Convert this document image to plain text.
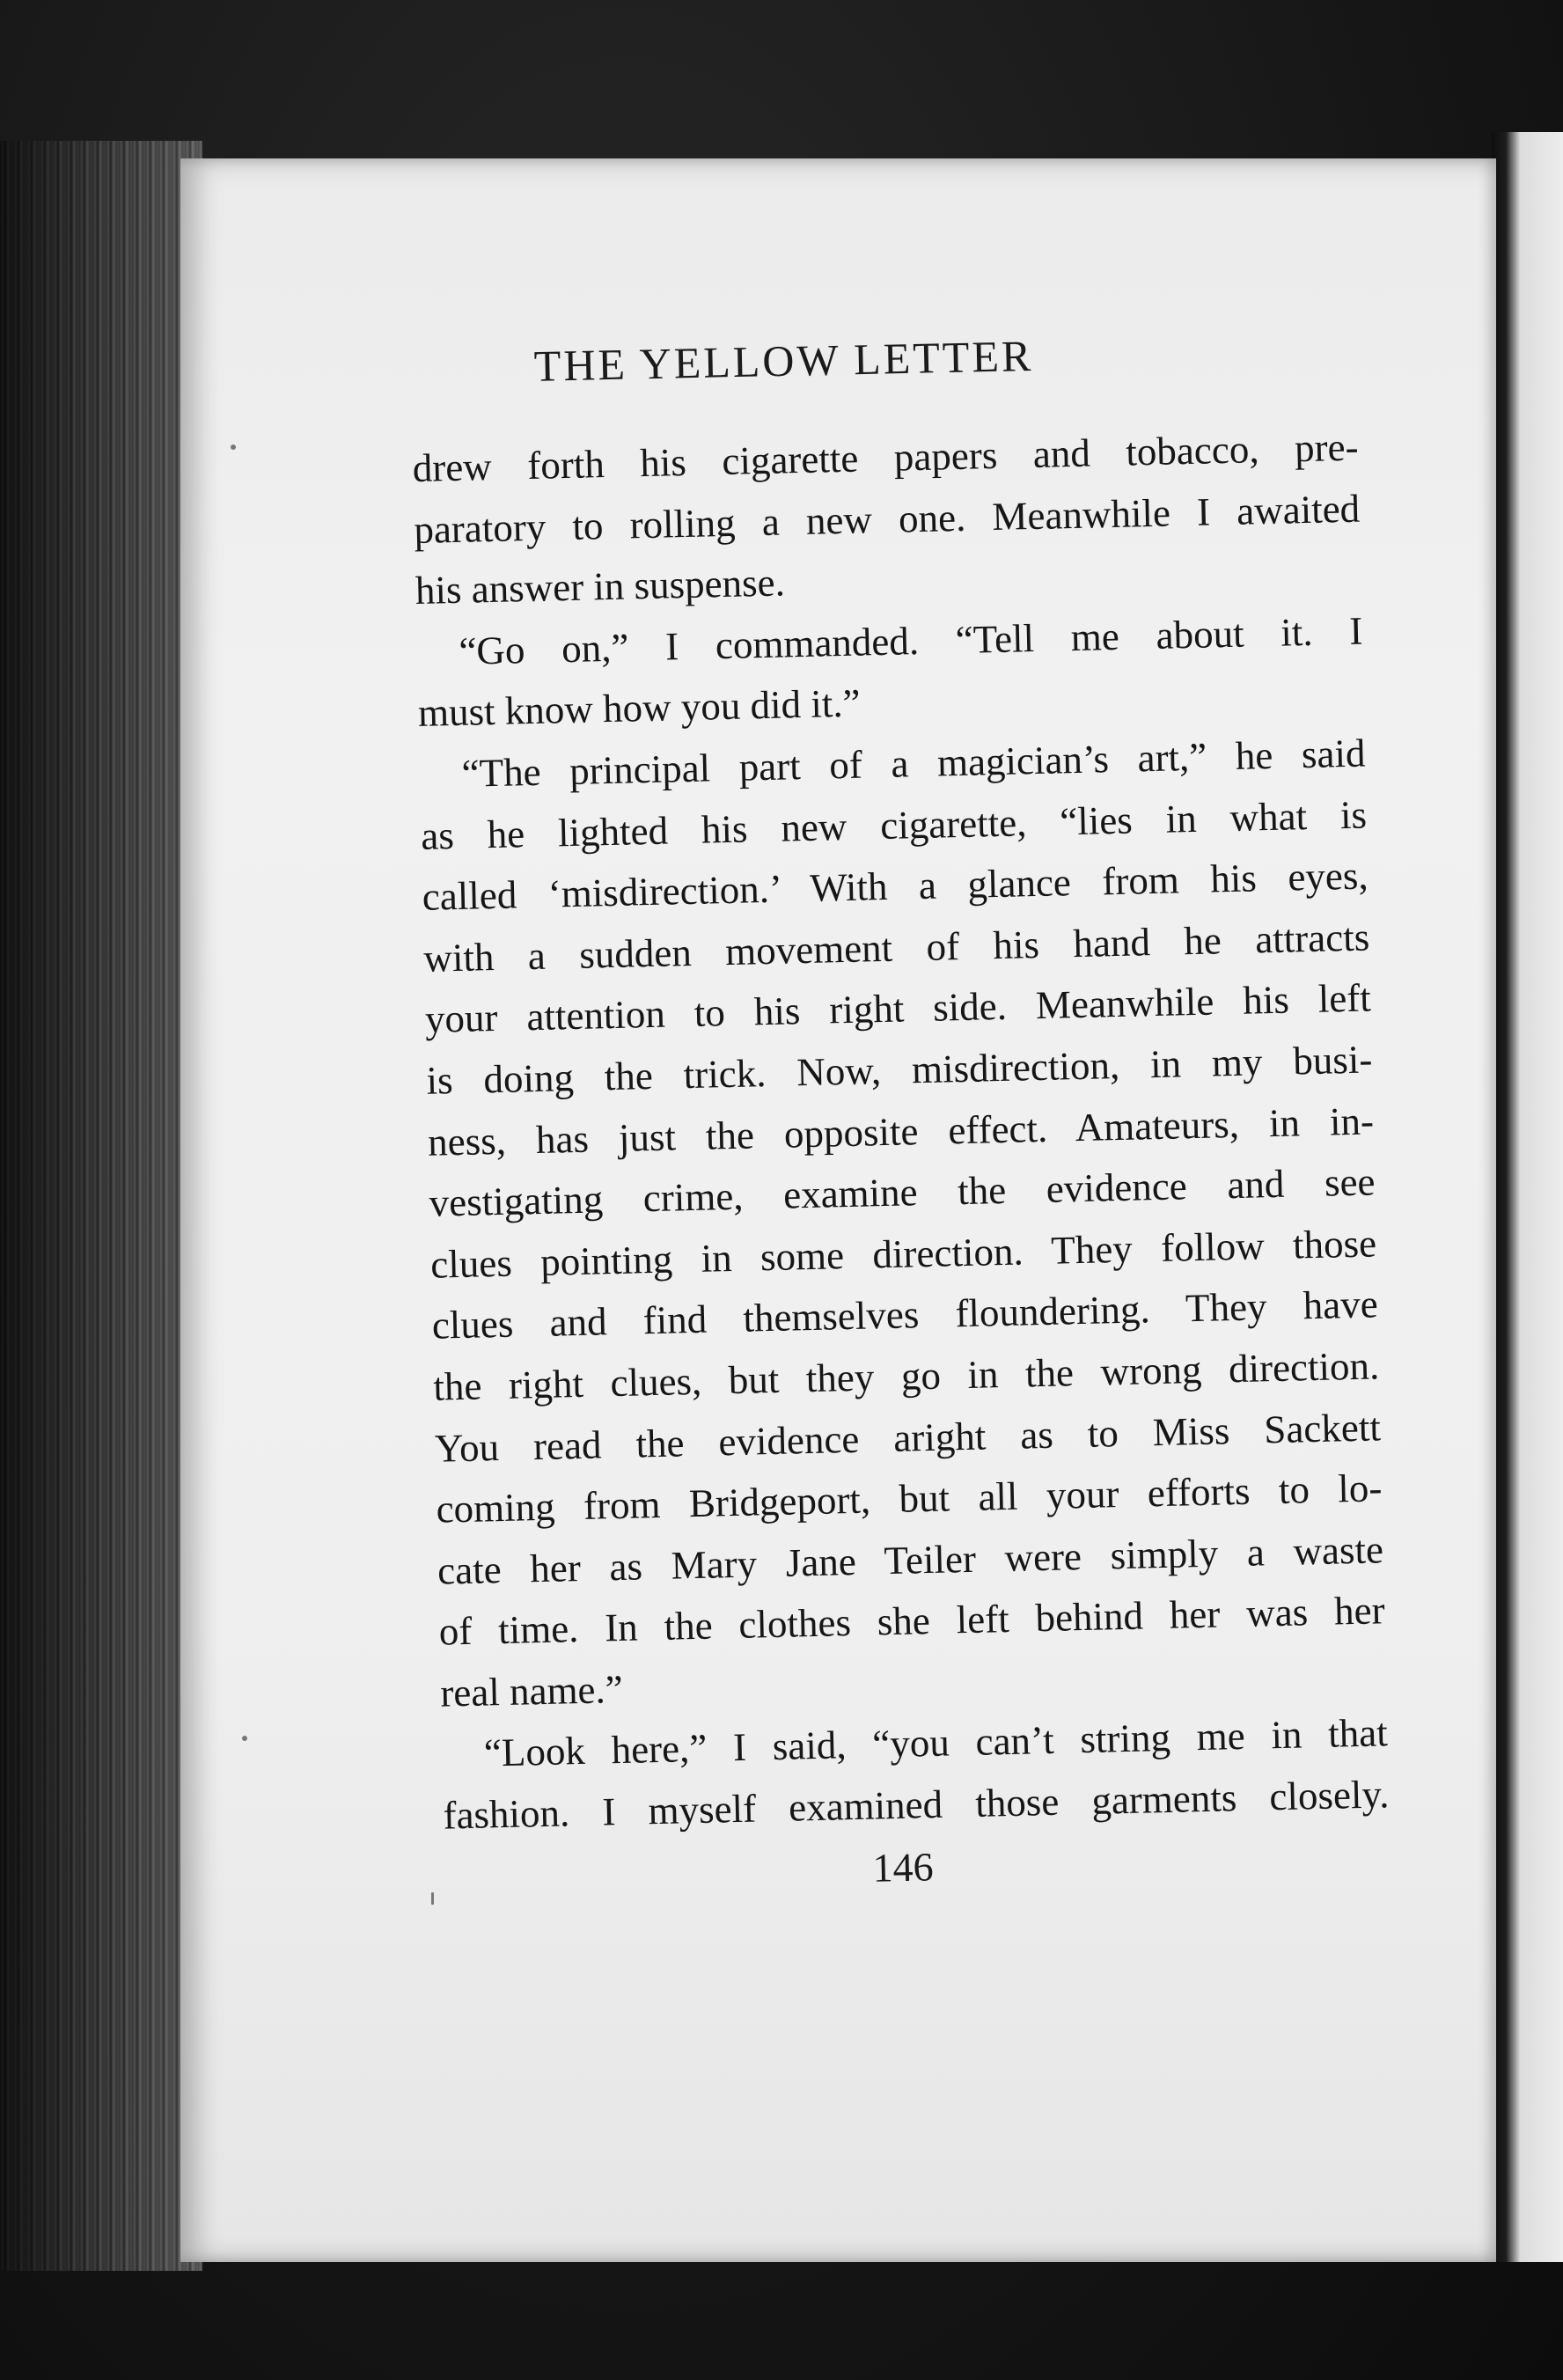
THE YELLOW LETTER

drew forth his cigarette papers and tobacco, pre-

paratory to rolling a new one. Meanwhile I awaited

his answer in suspense.

“Go on,” I commanded. “Tell me about it. I

must know how you did it.”

“The principal part of a magician’s art,” he said

as he lighted his new cigarette, “lies in what is

called ‘misdirection.’ With a glance from his eyes,

with a sudden movement of his hand he attracts

your attention to his right side. Meanwhile his left

is doing the trick. Now, misdirection, in my busi-

ness, has just the opposite effect. Amateurs, in in-

vestigating crime, examine the evidence and see

clues pointing in some direction. They follow those

clues and find themselves floundering. They have

the right clues, but they go in the wrong direction.

You read the evidence aright as to Miss Sackett

coming from Bridgeport, but all your efforts to lo-

cate her as Mary Jane Teiler were simply a waste

of time. In the clothes she left behind her was her

real name.”

“Look here,” I said, “you can’t string me in that

fashion. I myself examined those garments closely.

146
